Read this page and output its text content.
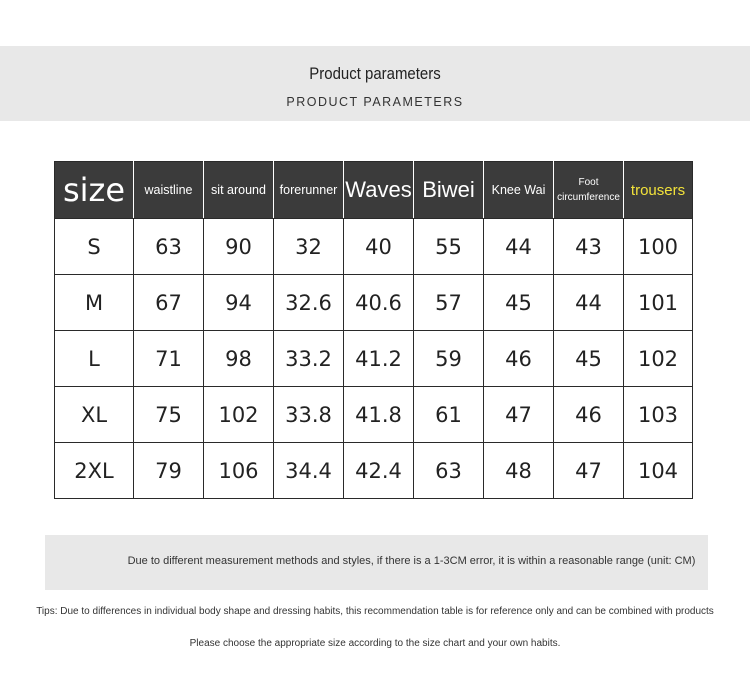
Product parameters
PRODUCT PARAMETERS
size	waistline	sit around	forerunner	Waves	Biwei	Knee Wai	Foot circumference	trousers
S	63	90	32	40	55	44	43	100
M	67	94	32.6	40.6	57	45	44	101
L	71	98	33.2	41.2	59	46	45	102
XL	75	102	33.8	41.8	61	47	46	103
2XL	79	106	34.4	42.4	63	48	47	104
Due to different measurement methods and styles, if there is a 1-3CM error, it is within a reasonable range (unit: CM)
Tips: Due to differences in individual body shape and dressing habits, this recommendation table is for reference only and can be combined with products
Please choose the appropriate size according to the size chart and your own habits.
